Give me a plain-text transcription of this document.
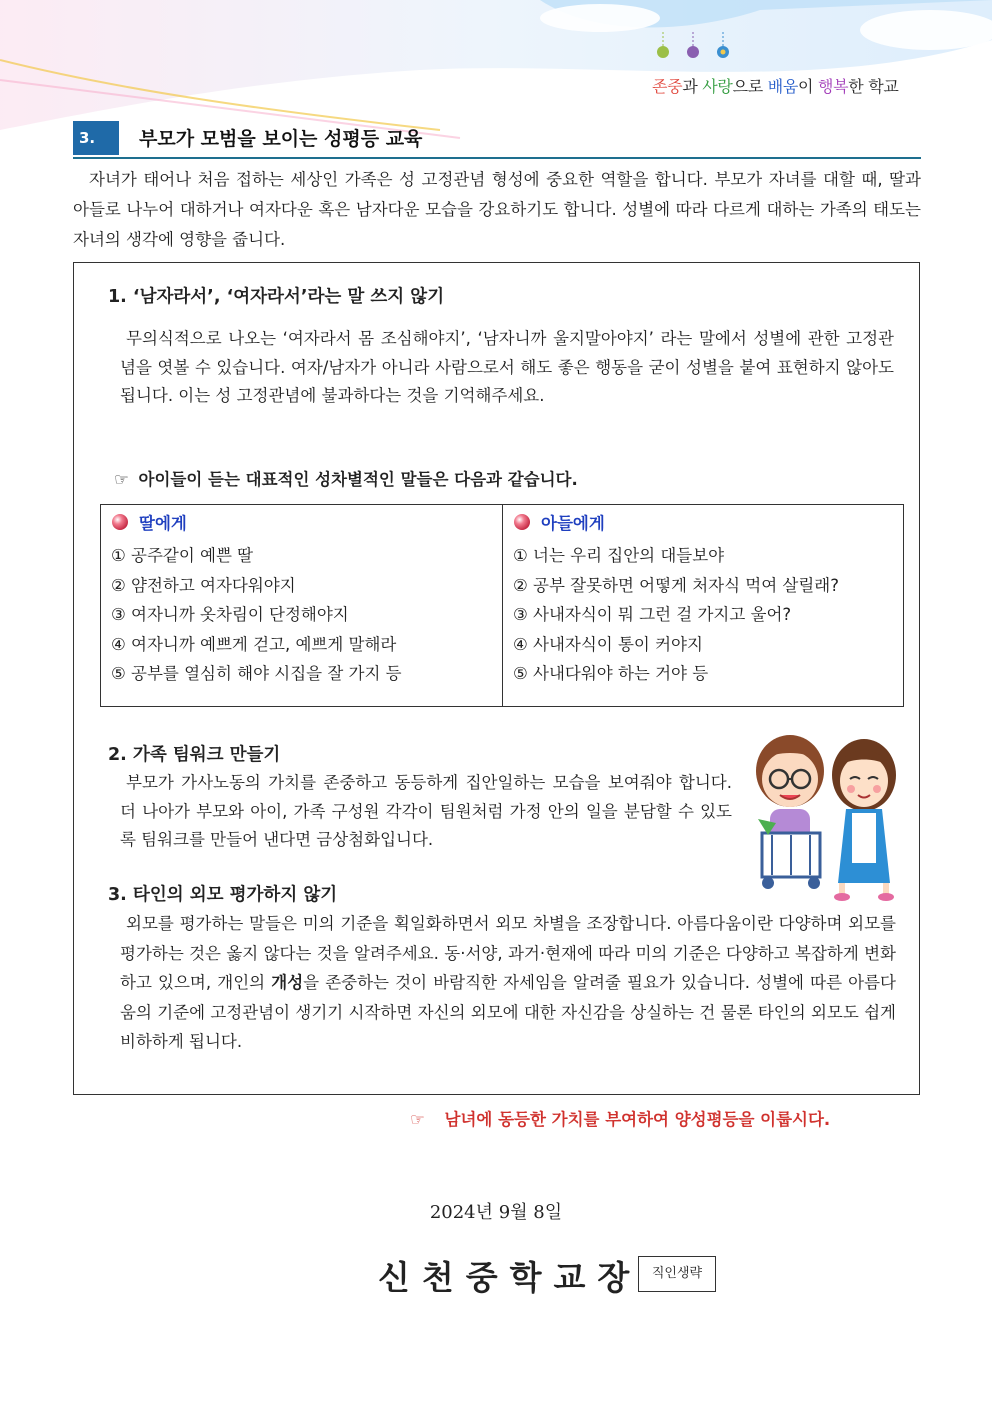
존중과 사랑으로 배움이 행복한 학교
3.	부모가 모범을 보이는 성평등 교육
자녀가 태어나 처음 접하는 세상인 가족은 성 고정관념 형성에 중요한 역할을 합니다. 부모가 자녀를 대할 때, 딸과 아들로 나누어 대하거나 여자다운 혹은 남자다운 모습을 강요하기도 합니다. 성별에 따라 다르게 대하는 가족의 태도는 자녀의 생각에 영향을 줍니다.
1. ‘남자라서’, ‘여자라서’라는 말 쓰지 않기
무의식적으로 나오는 ‘여자라서 몸 조심해야지’, ‘남자니까 울지말아야지’ 라는 말에서 성별에 관한 고정관념을 엿볼 수 있습니다. 여자/남자가 아니라 사람으로서 해도 좋은 행동을 굳이 성별을 붙여 표현하지 않아도 됩니다. 이는 성 고정관념에 불과하다는 것을 기억해주세요.
☞ 아이들이 듣는 대표적인 성차별적인 말들은 다음과 같습니다.
딸에게
① 공주같이 예쁜 딸
② 얌전하고 여자다워야지
③ 여자니까 옷차림이 단정해야지
④ 여자니까 예쁘게 걷고, 예쁘게 말해라
⑤ 공부를 열심히 해야 시집을 잘 가지 등
아들에게
① 너는 우리 집안의 대들보야
② 공부 잘못하면 어떻게 처자식 먹여 살릴래?
③ 사내자식이 뭐 그런 걸 가지고 울어?
④ 사내자식이 통이 커야지
⑤ 사내다워야 하는 거야 등
2. 가족 팀워크 만들기
부모가 가사노동의 가치를 존중하고 동등하게 집안일하는 모습을 보여줘야 합니다. 더 나아가 부모와 아이, 가족 구성원 각각이 팀원처럼 가정 안의 일을 분담할 수 있도록 팀워크를 만들어 낸다면 금상첨화입니다.
3. 타인의 외모 평가하지 않기
외모를 평가하는 말들은 미의 기준을 획일화하면서 외모 차별을 조장합니다. 아름다움이란 다양하며 외모를 평가하는 것은 옳지 않다는 것을 알려주세요. 동·서양, 과거·현재에 따라 미의 기준은 다양하고 복잡하게 변화하고 있으며, 개인의 개성을 존중하는 것이 바람직한 자세임을 알려줄 필요가 있습니다. 성별에 따른 아름다움의 기준에 고정관념이 생기기 시작하면 자신의 외모에 대한 자신감을 상실하는 건 물론 타인의 외모도 쉽게 비하하게 됩니다.
☞ 남녀에 동등한 가치를 부여하여 양성평등을 이룹시다.
2024년 9월 8일
신천중학교장 직인생략
